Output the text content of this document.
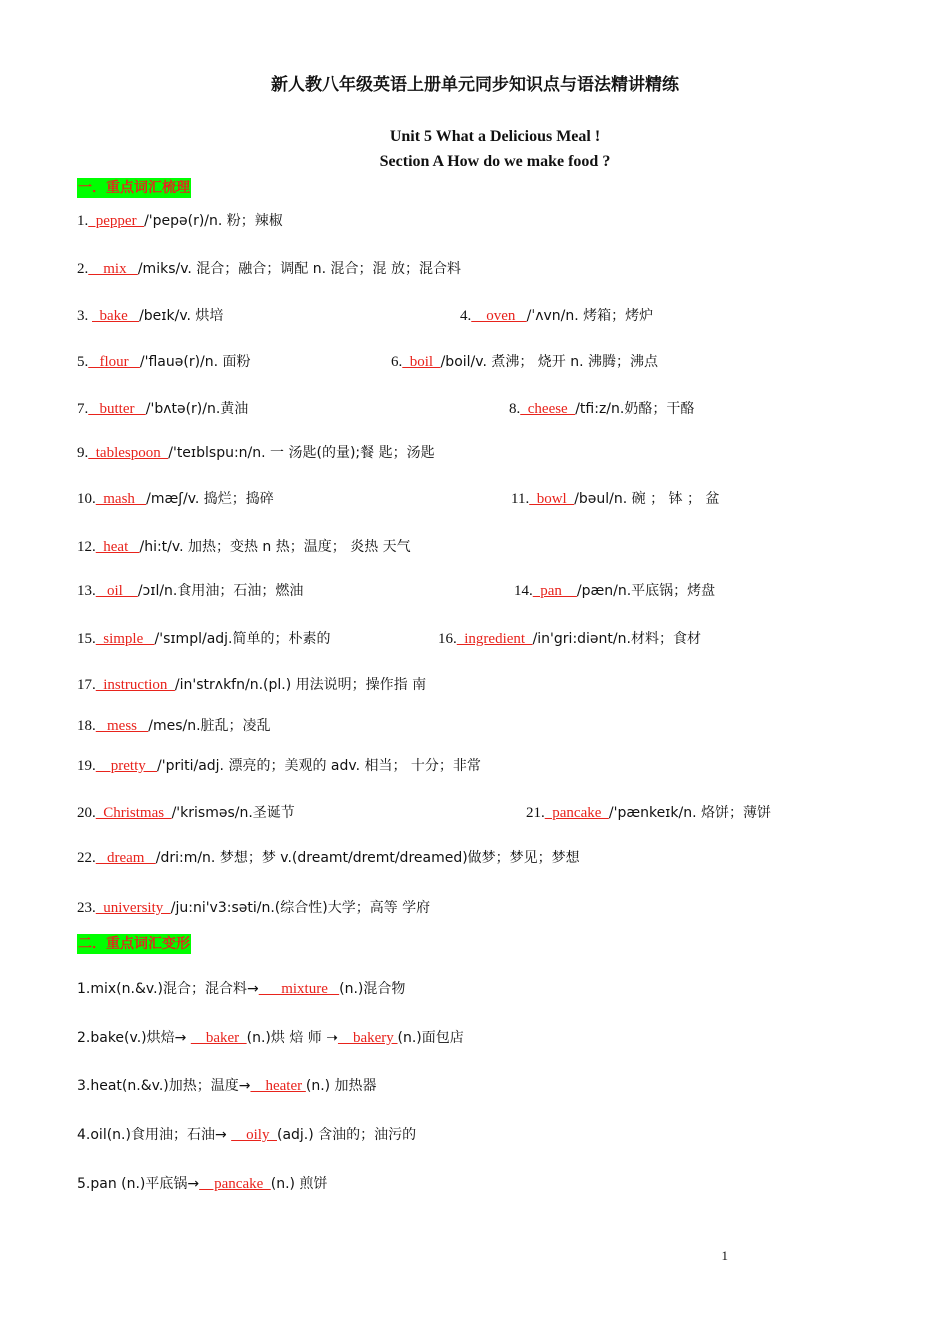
新人教八年级英语上册单元同步知识点与语法精讲精练
Unit 5 What a Delicious Meal !
Section A How do we make food ?
一．重点词汇梳理
1.  pepper  /'pepə(r)/n. 粉；辣椒
2.    mix   /miks/v. 混合；融合；调配 n. 混合；混 放；混合料
3.   bake   /beɪk/v. 烘培	4.    oven   /ˈʌvn/n. 烤箱；烤炉
5.   flour   /'flauə(r)/n. 面粉	6.  boil  /boil/v. 煮沸； 烧开 n. 沸腾；沸点
7.   butter   /'bʌtə(r)/n.黄油	8.  cheese  /tfi:z/n.奶酪；干酪
9.  tablespoon  /'teɪblspu:n/n. 一 汤匙(的量);餐 匙；汤匙
10.  mash   /mæʃ/v. 捣烂；捣碎	11.  bowl  /bəul/n. 碗 ； 钵 ； 盆
12.  heat   /hi:t/v. 加热；变热 n 热；温度； 炎热 天气
13.   oil    /ɔɪl/n.食用油；石油；燃油	14.  pan    /pæn/n.平底锅；烤盘
15.  simple   /'sɪmpl/adj.简单的；朴素的	16.  ingredient  /in'gri:diənt/n.材料；食材
17.  instruction  /in'strʌkfn/n.(pl.) 用法说明；操作指 南
18.   mess   /mes/n.脏乱；凌乱
19.    pretty   /'priti/adj. 漂亮的；美观的 adv. 相当； 十分；非常
20.  Christmas  /'krisməs/n.圣诞节	21.  pancake  /'pænkeɪk/n. 烙饼；薄饼
22.   dream   /dri:m/n. 梦想；梦 v.(dreamt/dremt/dreamed)做梦；梦见；梦想
23.  university  /ju:ni'v3:səti/n.(综合性)大学；高等 学府
二．重点词汇变形
1.mix(n.&v.)混合；混合料→      mixture   (n.)混合物
2.bake(v.)烘焙→     baker  (n.)烘 焙 师 ➝    bakery (n.)面包店
3.heat(n.&v.)加热；温度→    heater (n.) 加热器
4.oil(n.)食用油；石油→     oily  (adj.) 含油的；油污的
5.pan (n.)平底锅→    pancake  (n.) 煎饼
1
